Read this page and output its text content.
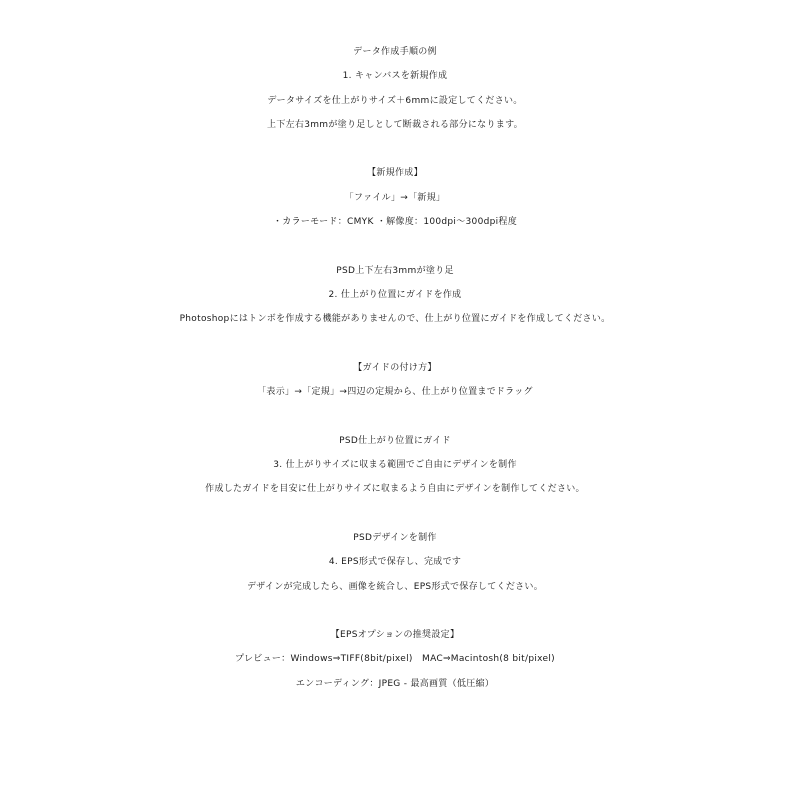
データ作成手順の例
1. キャンバスを新規作成
データサイズを仕上がりサイズ＋6mmに設定してください。
上下左右3mmが塗り足しとして断裁される部分になります。
【新規作成】
「ファイル」→「新規」
・カラーモード：CMYK ・解像度：100dpi〜300dpi程度
PSD上下左右3mmが塗り足
2. 仕上がり位置にガイドを作成
Photoshopにはトンボを作成する機能がありませんので、仕上がり位置にガイドを作成してください。
【ガイドの付け方】
「表示」→「定規」→四辺の定規から、仕上がり位置までドラッグ
PSD仕上がり位置にガイド
3. 仕上がりサイズに収まる範囲でご自由にデザインを制作
作成したガイドを目安に仕上がりサイズに収まるよう自由にデザインを制作してください。
PSDデザインを制作
4. EPS形式で保存し、完成です
デザインが完成したら、画像を統合し、EPS形式で保存してください。
【EPSオプションの推奨設定】
プレビュー：Windows⇒TIFF(8bit/pixel)　MAC⇒Macintosh(8 bit/pixel)
エンコーディング：JPEG - 最高画質（低圧縮）
